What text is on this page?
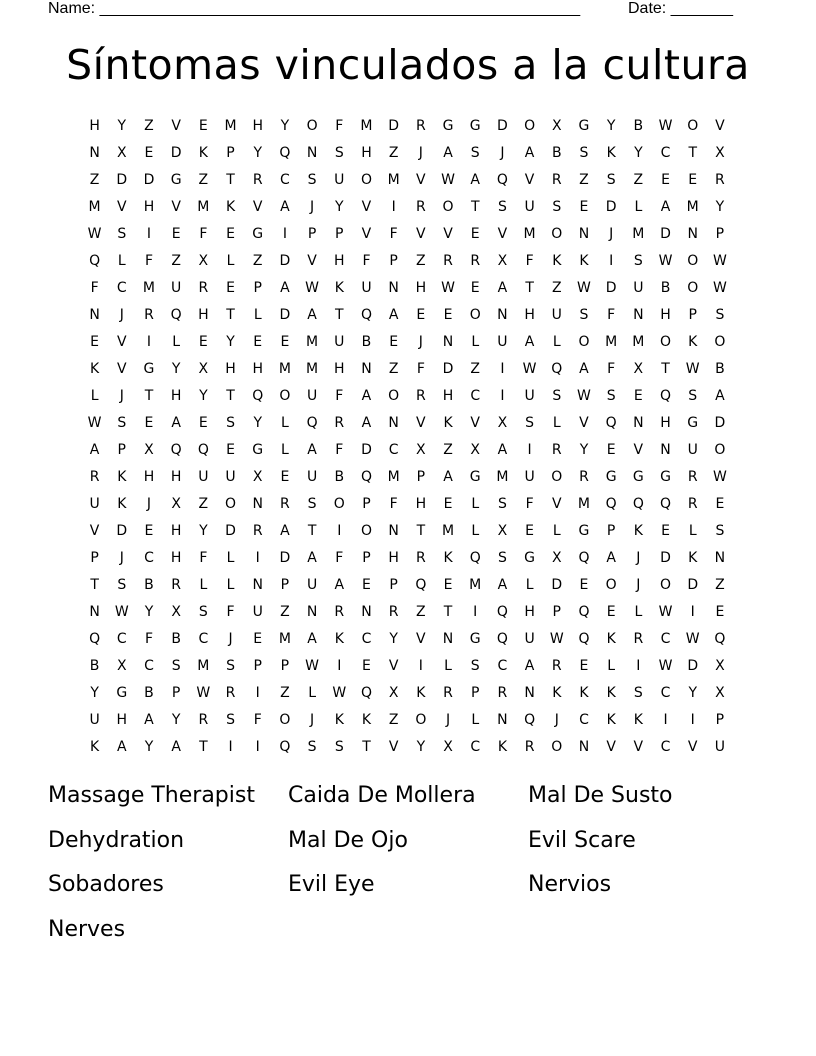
Name: ______________________________________________________	Date: _______
Síntomas vinculados a la cultura
H	Y	Z	V	E	M	H	Y	O	F	M	D	R	G	G	D	O	X	G	Y	B	W	O	V
N	X	E	D	K	P	Y	Q	N	S	H	Z	J	A	S	J	A	B	S	K	Y	C	T	X
Z	D	D	G	Z	T	R	C	S	U	O	M	V	W	A	Q	V	R	Z	S	Z	E	E	R
M	V	H	V	M	K	V	A	J	Y	V	I	R	O	T	S	U	S	E	D	L	A	M	Y
W	S	I	E	F	E	G	I	P	P	V	F	V	V	E	V	M	O	N	J	M	D	N	P
Q	L	F	Z	X	L	Z	D	V	H	F	P	Z	R	R	X	F	K	K	I	S	W	O	W
F	C	M	U	R	E	P	A	W	K	U	N	H	W	E	A	T	Z	W	D	U	B	O	W
N	J	R	Q	H	T	L	D	A	T	Q	A	E	E	O	N	H	U	S	F	N	H	P	S
E	V	I	L	E	Y	E	E	M	U	B	E	J	N	L	U	A	L	O	M	M	O	K	O
K	V	G	Y	X	H	H	M	M	H	N	Z	F	D	Z	I	W	Q	A	F	X	T	W	B
L	J	T	H	Y	T	Q	O	U	F	A	O	R	H	C	I	U	S	W	S	E	Q	S	A
W	S	E	A	E	S	Y	L	Q	R	A	N	V	K	V	X	S	L	V	Q	N	H	G	D
A	P	X	Q	Q	E	G	L	A	F	D	C	X	Z	X	A	I	R	Y	E	V	N	U	O
R	K	H	H	U	U	X	E	U	B	Q	M	P	A	G	M	U	O	R	G	G	G	R	W
U	K	J	X	Z	O	N	R	S	O	P	F	H	E	L	S	F	V	M	Q	Q	Q	R	E
V	D	E	H	Y	D	R	A	T	I	O	N	T	M	L	X	E	L	G	P	K	E	L	S
P	J	C	H	F	L	I	D	A	F	P	H	R	K	Q	S	G	X	Q	A	J	D	K	N
T	S	B	R	L	L	N	P	U	A	E	P	Q	E	M	A	L	D	E	O	J	O	D	Z
N	W	Y	X	S	F	U	Z	N	R	N	R	Z	T	I	Q	H	P	Q	E	L	W	I	E
Q	C	F	B	C	J	E	M	A	K	C	Y	V	N	G	Q	U	W	Q	K	R	C	W	Q
B	X	C	S	M	S	P	P	W	I	E	V	I	L	S	C	A	R	E	L	I	W	D	X
Y	G	B	P	W	R	I	Z	L	W	Q	X	K	R	P	R	N	K	K	K	S	C	Y	X
U	H	A	Y	R	S	F	O	J	K	K	Z	O	J	L	N	Q	J	C	K	K	I	I	P
K	A	Y	A	T	I	I	Q	S	S	T	V	Y	X	C	K	R	O	N	V	V	C	V	U
Massage Therapist	Caida De Mollera	Mal De Susto
Dehydration	Mal De Ojo	Evil Scare
Sobadores	Evil Eye	Nervios
Nerves
